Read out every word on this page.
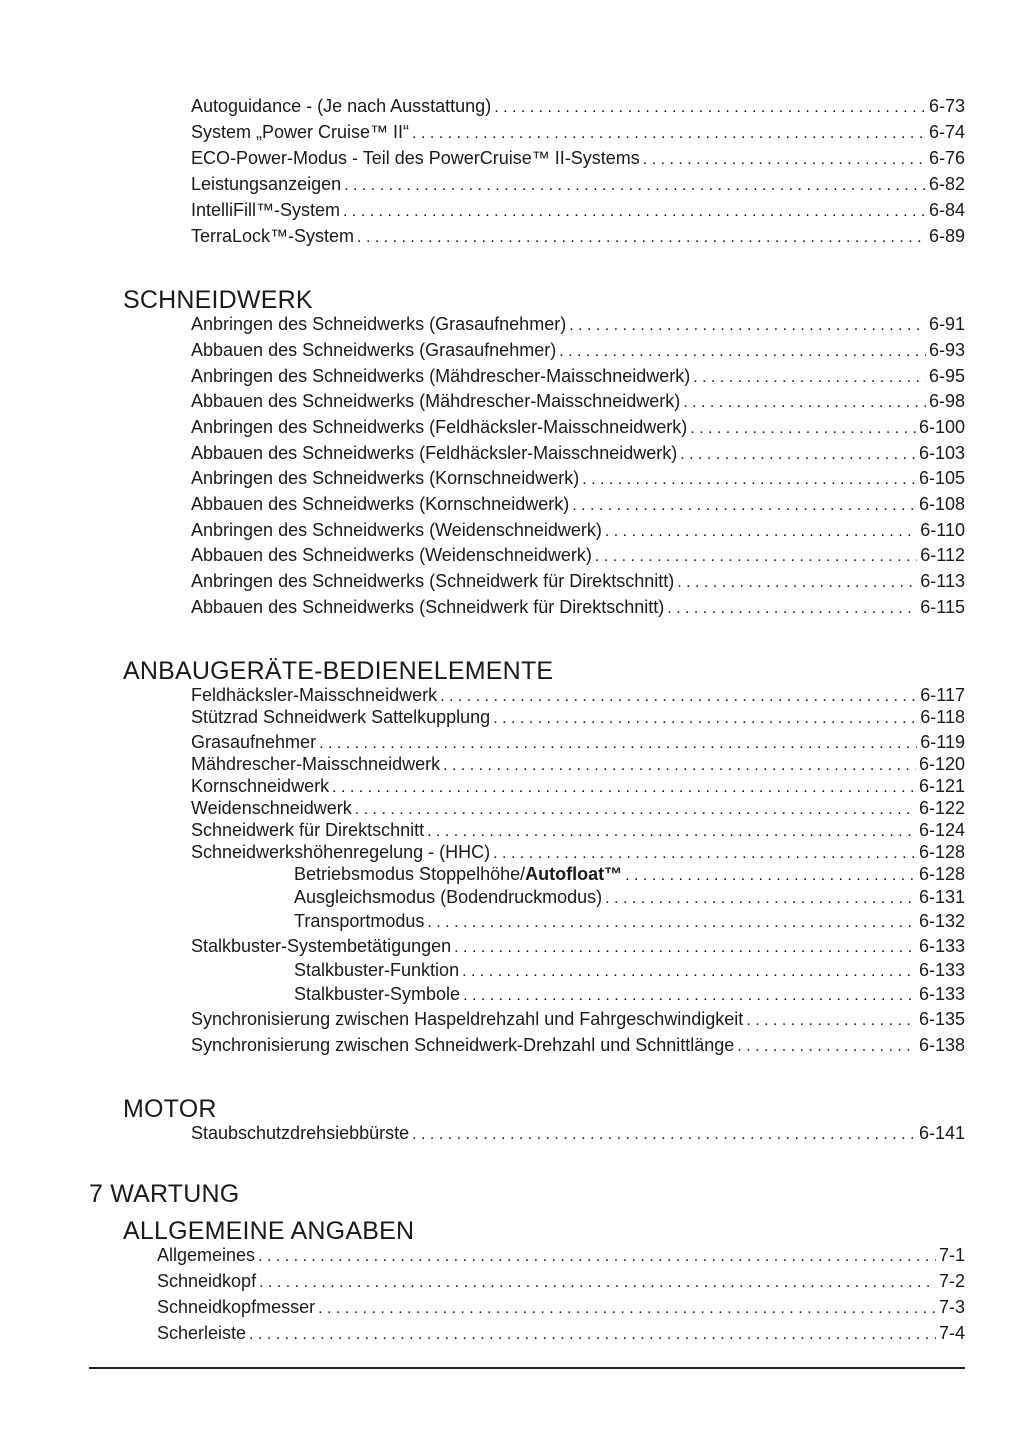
Autoguidance - (Je nach Ausstattung) . . .	6-73
System „Power Cruise™ II“ . . .	6-74
ECO-Power-Modus - Teil des PowerCruise™ II-Systems . . .	6-76
Leistungsanzeigen . . .	6-82
IntelliFill™-System . . .	6-84
TerraLock™-System . . .	6-89
SCHNEIDWERK
Anbringen des Schneidwerks (Grasaufnehmer) . . .	6-91
Abbauen des Schneidwerks (Grasaufnehmer) . . .	6-93
Anbringen des Schneidwerks (Mähdrescher-Maisschneidwerk) . . .	6-95
Abbauen des Schneidwerks (Mähdrescher-Maisschneidwerk) . . .	6-98
Anbringen des Schneidwerks (Feldhäcksler-Maisschneidwerk) . . .	6-100
Abbauen des Schneidwerks (Feldhäcksler-Maisschneidwerk) . . .	6-103
Anbringen des Schneidwerks (Kornschneidwerk) . . .	6-105
Abbauen des Schneidwerks (Kornschneidwerk) . . .	6-108
Anbringen des Schneidwerks (Weidenschneidwerk) . . .	6-110
Abbauen des Schneidwerks (Weidenschneidwerk) . . .	6-112
Anbringen des Schneidwerks (Schneidwerk für Direktschnitt) . . .	6-113
Abbauen des Schneidwerks (Schneidwerk für Direktschnitt) . . .	6-115
ANBAUGERÄTE-BEDIENELEMENTE
Feldhäcksler-Maisschneidwerk . . .	6-117
Stützrad Schneidwerk Sattelkupplung . . .	6-118
Grasaufnehmer . . .	6-119
Mähdrescher-Maisschneidwerk . . .	6-120
Kornschneidwerk . . .	6-121
Weidenschneidwerk . . .	6-122
Schneidwerk für Direktschnitt . . .	6-124
Schneidwerkshöhenregelung - (HHC) . . .	6-128
Betriebsmodus Stoppelhöhe/Autofloat™ . . .	6-128
Ausgleichsmodus (Bodendruckmodus) . . .	6-131
Transportmodus . . .	6-132
Stalkbuster-Systembetätigungen . . .	6-133
Stalkbuster-Funktion . . .	6-133
Stalkbuster-Symbole . . .	6-133
Synchronisierung zwischen Haspeldrehzahl und Fahrgeschwindigkeit . . .	6-135
Synchronisierung zwischen Schneidwerk-Drehzahl und Schnittlänge . . .	6-138
MOTOR
Staubschutzdrehsiebbürste . . .	6-141
7 WARTUNG
ALLGEMEINE ANGABEN
Allgemeines . . .	7-1
Schneidkopf . . .	7-2
Schneidkopfmesser . . .	7-3
Scherleiste . . .	7-4
